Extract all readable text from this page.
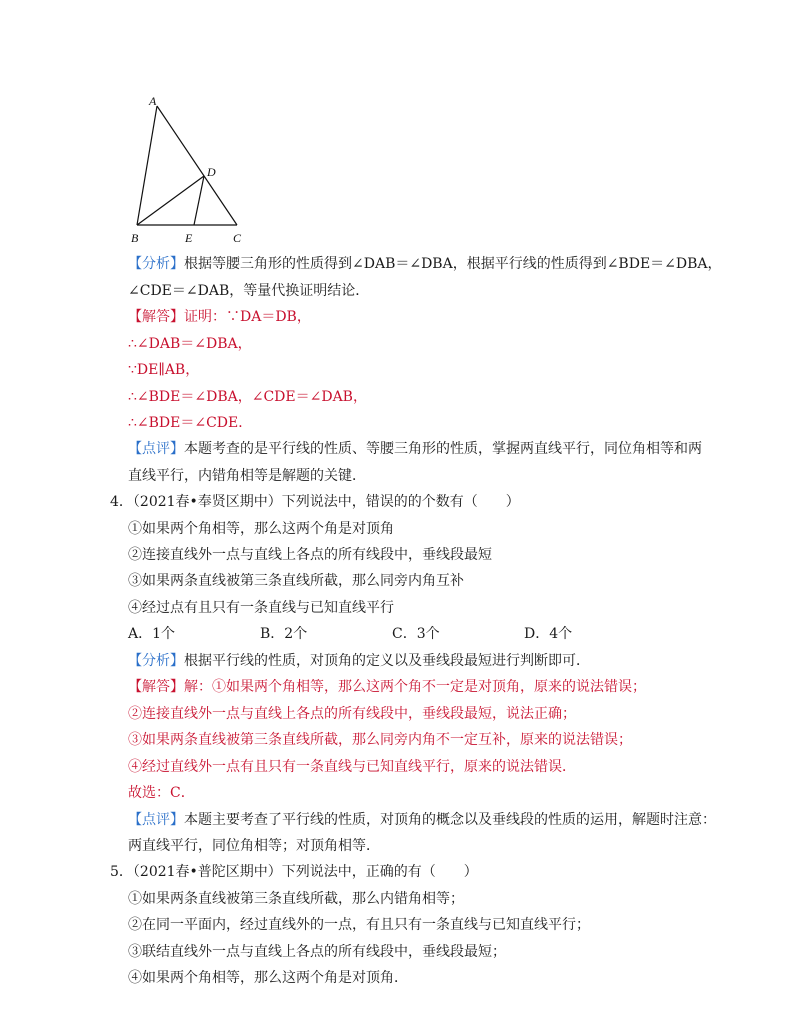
A
D
B	E	C
【分析】根据等腰三角形的性质得到∠DAB＝∠DBA，根据平行线的性质得到∠BDE＝∠DBA，
∠CDE＝∠DAB，等量代换证明结论．
【解答】证明：∵DA＝DB，
∴∠DAB＝∠DBA，
∵DE∥AB，
∴∠BDE＝∠DBA，∠CDE＝∠DAB，
∴∠BDE＝∠CDE．
【点评】本题考查的是平行线的性质、等腰三角形的性质，掌握两直线平行，同位角相等和两
直线平行，内错角相等是解题的关键．
4．（2021春•奉贤区期中）下列说法中，错误的的个数有（　　）
①如果两个角相等，那么这两个角是对顶角
②连接直线外一点与直线上各点的所有线段中，垂线段最短
③如果两条直线被第三条直线所截，那么同旁内角互补
④经过点有且只有一条直线与已知直线平行
A．1个	B．2个	C．3个	D．4个
【分析】根据平行线的性质，对顶角的定义以及垂线段最短进行判断即可．
【解答】解：①如果两个角相等，那么这两个角不一定是对顶角，原来的说法错误；
②连接直线外一点与直线上各点的所有线段中，垂线段最短，说法正确；
③如果两条直线被第三条直线所截，那么同旁内角不一定互补，原来的说法错误；
④经过直线外一点有且只有一条直线与已知直线平行，原来的说法错误．
故选：C．
【点评】本题主要考查了平行线的性质，对顶角的概念以及垂线段的性质的运用，解题时注意：
两直线平行，同位角相等；对顶角相等．
5．（2021春•普陀区期中）下列说法中，正确的有（　　）
①如果两条直线被第三条直线所截，那么内错角相等；
②在同一平面内，经过直线外的一点，有且只有一条直线与已知直线平行；
③联结直线外一点与直线上各点的所有线段中，垂线段最短；
④如果两个角相等，那么这两个角是对顶角．
